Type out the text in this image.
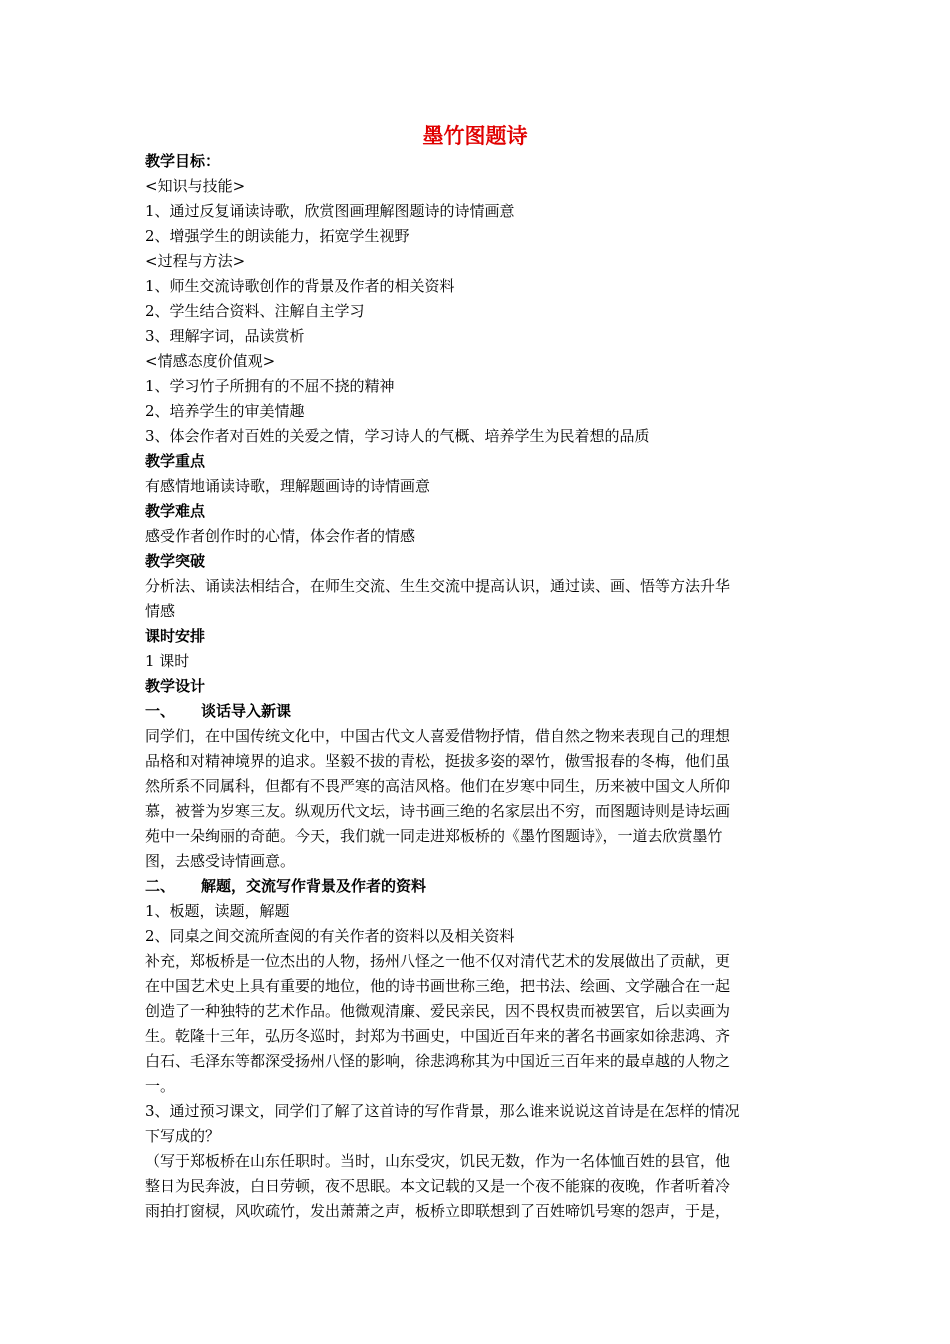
墨竹图题诗
教学目标：
<知识与技能>
1、通过反复诵读诗歌，欣赏图画理解图题诗的诗情画意
2、增强学生的朗读能力，拓宽学生视野
<过程与方法>
1、师生交流诗歌创作的背景及作者的相关资料
2、学生结合资料、注解自主学习
3、理解字词，品读赏析
<情感态度价值观>
1、学习竹子所拥有的不屈不挠的精神
2、培养学生的审美情趣
3、体会作者对百姓的关爱之情，学习诗人的气概、培养学生为民着想的品质
教学重点
有感情地诵读诗歌，理解题画诗的诗情画意
教学难点
感受作者创作时的心情，体会作者的情感
教学突破
分析法、诵读法相结合，在师生交流、生生交流中提高认识，通过读、画、悟等方法升华
情感
课时安排
1 课时
教学设计
一、 谈话导入新课
同学们，在中国传统文化中，中国古代文人喜爱借物抒情，借自然之物来表现自己的理想
品格和对精神境界的追求。坚毅不拔的青松，挺拔多姿的翠竹，傲雪报春的冬梅，他们虽
然所系不同属科，但都有不畏严寒的高洁风格。他们在岁寒中同生，历来被中国文人所仰
慕，被誉为岁寒三友。纵观历代文坛，诗书画三绝的名家层出不穷，而图题诗则是诗坛画
苑中一朵绚丽的奇葩。今天，我们就一同走进郑板桥的《墨竹图题诗》，一道去欣赏墨竹
图，去感受诗情画意。
二、 解题，交流写作背景及作者的资料
1、板题，读题，解题
2、同桌之间交流所查阅的有关作者的资料以及相关资料
补充，郑板桥是一位杰出的人物，扬州八怪之一他不仅对清代艺术的发展做出了贡献，更
在中国艺术史上具有重要的地位，他的诗书画世称三绝，把书法、绘画、文学融合在一起
创造了一种独特的艺术作品。他微观清廉、爱民亲民，因不畏权贵而被罢官，后以卖画为
生。乾隆十三年，弘历冬巡时，封郑为书画史，中国近百年来的著名书画家如徐悲鸿、齐
白石、毛泽东等都深受扬州八怪的影响，徐悲鸿称其为中国近三百年来的最卓越的人物之
一。
3、通过预习课文，同学们了解了这首诗的写作背景，那么谁来说说这首诗是在怎样的情况
下写成的？
（写于郑板桥在山东任职时。当时，山东受灾，饥民无数，作为一名体恤百姓的县官，他
整日为民奔波，白日劳顿，夜不思眠。本文记载的又是一个夜不能寐的夜晚，作者听着冷
雨拍打窗棂，风吹疏竹，发出萧萧之声，板桥立即联想到了百姓啼饥号寒的怨声，于是，
